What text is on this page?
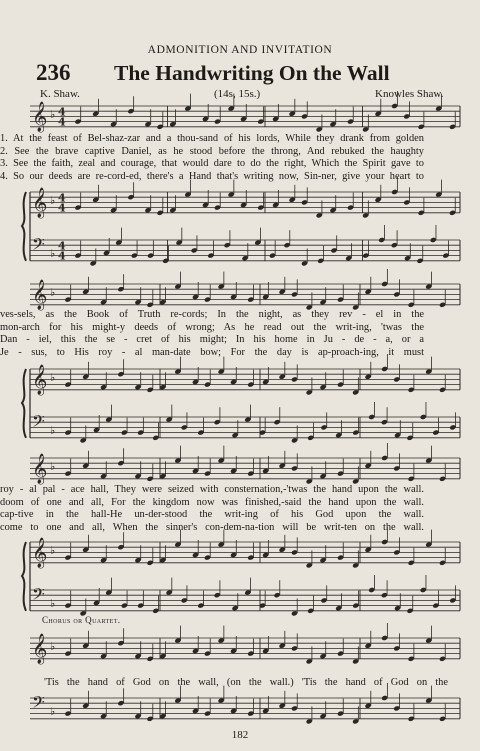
ADMONITION AND INVITATION
236 The Handwriting On the Wall
K. Shaw.	(14s, 15s.)	Knowles Shaw.
𝄞 ♭ 4
4
1. At the feast of Bel-shaz-zar and a thou-sand of his lords, While they drank from golden
2. See the brave captive Daniel, as he stood before the throng, And rebuked the haughty
3. See the faith, zeal and courage, that would dare to do the right, Which the Spirit gave to
4. So our deeds are re-cord-ed, there's a Hand that's writing now, Sin-ner, give your heart to
𝄞 ♭ 4
4
𝄢 ♭
4
4
𝄞 ♭
ves-sels, as the Book of Truth re-cords; In the night, as they rev - el in the
mon-arch for his might-y deeds of wrong; As he read out the writ-ing, 'twas the
Dan - iel, this the se - cret of his might; In his home in Ju - de - a, or a
Je - sus, to His roy - al man-date bow; For the day is ap-proach-ing, it must
𝄞 ♭
𝄢 ♭
𝄞 ♭
roy - al pal - ace hall, They were seized with consternation,-'twas the hand upon the wall.
doom of one and all, For the kingdom now was finished,-said the hand upon the wall.
cap-tive in the hall-He un-der-stood the writ-ing of his God upon the wall.
come to one and all, When the sinner's con-dem-na-tion will be writ-ten on the wall.
𝄞 ♭
𝄢 ♭
Chorus or Quartet.
𝄞 ♭
'Tis the hand of God on the wall, (on the wall.) 'Tis the hand of God on the
𝄢 ♭
182
